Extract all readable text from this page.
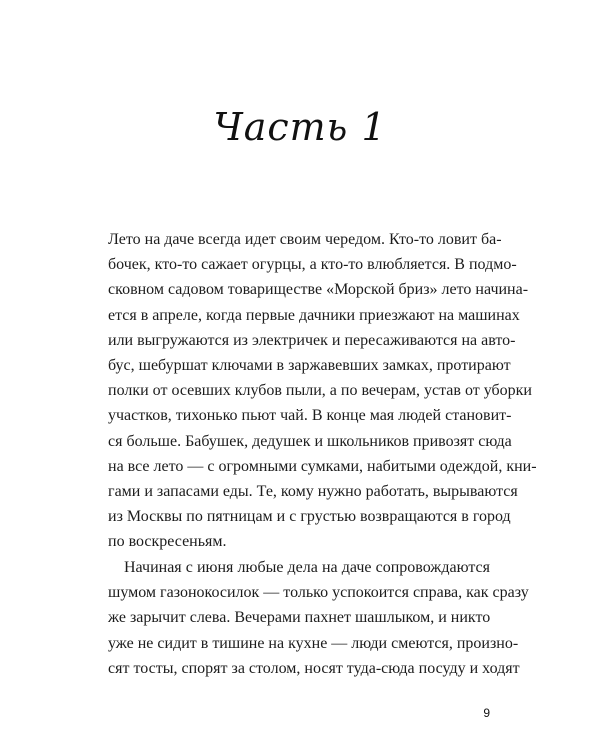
Часть 1
Лето на даче всегда идет своим чередом. Кто-то ловит ба-
бочек, кто-то сажает огурцы, а кто-то влюбляется. В подмо-
сковном садовом товариществе «Морской бриз» лето начина-
ется в апреле, когда первые дачники приезжают на машинах
или выгружаются из электричек и пересаживаются на авто-
бус, шебуршат ключами в заржавевших замках, протирают
полки от осевших клубов пыли, а по вечерам, устав от уборки
участков, тихонько пьют чай. В конце мая людей становит-
ся больше. Бабушек, дедушек и школьников привозят сюда
на все лето — с огромными сумками, набитыми одеждой, кни-
гами и запасами еды. Те, кому нужно работать, вырываются
из Москвы по пятницам и с грустью возвращаются в город
по воскресеньям.
Начиная с июня любые дела на даче сопровождаются
шумом газонокосилок — только успокоится справа, как сразу
же зарычит слева. Вечерами пахнет шашлыком, и никто
уже не сидит в тишине на кухне — люди смеются, произно-
сят тосты, спорят за столом, носят туда-сюда посуду и ходят
9
